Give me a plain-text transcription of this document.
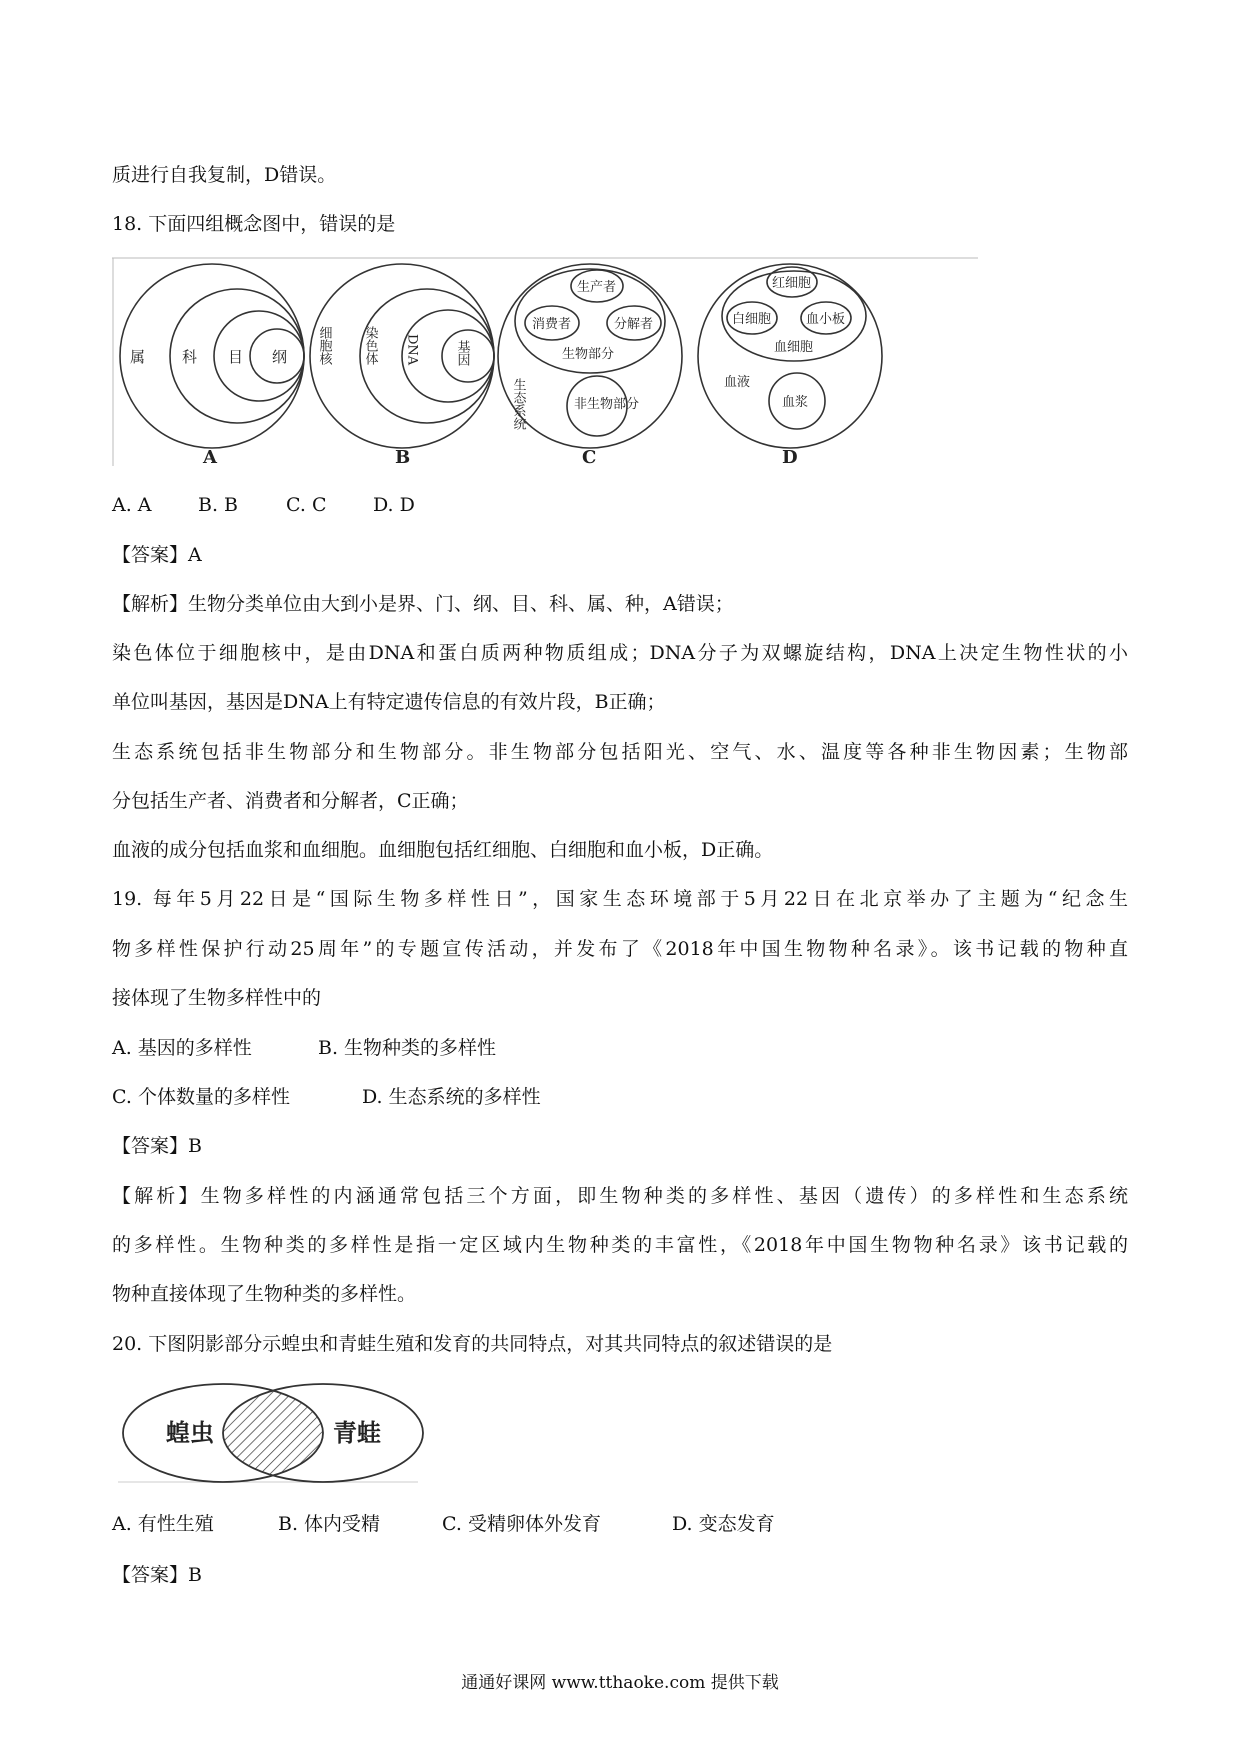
质进行自我复制，D错误。
18. 下面四组概念图中，错误的是
属 科 目 纲
A
细胞核 染色体 DNA	基因
B
生产者
消费者	分解者
生物部分
生态系统	非生物部分
C
红细胞
白细胞	血小板
血细胞
血液
血浆
D
A. A B. B	C. C D. D
【答案】A
【解析】生物分类单位由大到小是界、门、纲、目、科、属、种，A错误；
染色体位于细胞核中，是由DNA和蛋白质两种物质组成；DNA分子为双螺旋结构，DNA上决定生物性状的小
单位叫基因，基因是DNA上有特定遗传信息的有效片段，B正确；
生态系统包括非生物部分和生物部分。非生物部分包括阳光、空气、水、温度等各种非生物因素；生物部
分包括生产者、消费者和分解者，C正确；
血液的成分包括血浆和血细胞。血细胞包括红细胞、白细胞和血小板，D正确。
19. 每年5月22日是“国际生物多样性日”，国家生态环境部于5月22日在北京举办了主题为“纪念生
物多样性保护行动25周年”的专题宣传活动，并发布了《2018年中国生物物种名录》。该书记载的物种直
接体现了生物多样性中的
A. 基因的多样性	B. 生物种类的多样性
C. 个体数量的多样性	D. 生态系统的多样性
【答案】B
【解析】生物多样性的内涵通常包括三个方面，即生物种类的多样性、基因（遗传）的多样性和生态系统
的多样性。生物种类的多样性是指一定区域内生物种类的丰富性，《2018年中国生物物种名录》该书记载的
物种直接体现了生物种类的多样性。
20. 下图阴影部分示蝗虫和青蛙生殖和发育的共同特点，对其共同特点的叙述错误的是
蝗虫	青蛙
A. 有性生殖	B. 体内受精	C. 受精卵体外发育	D. 变态发育
【答案】B
通通好课网 www.tthaoke.com 提供下载
